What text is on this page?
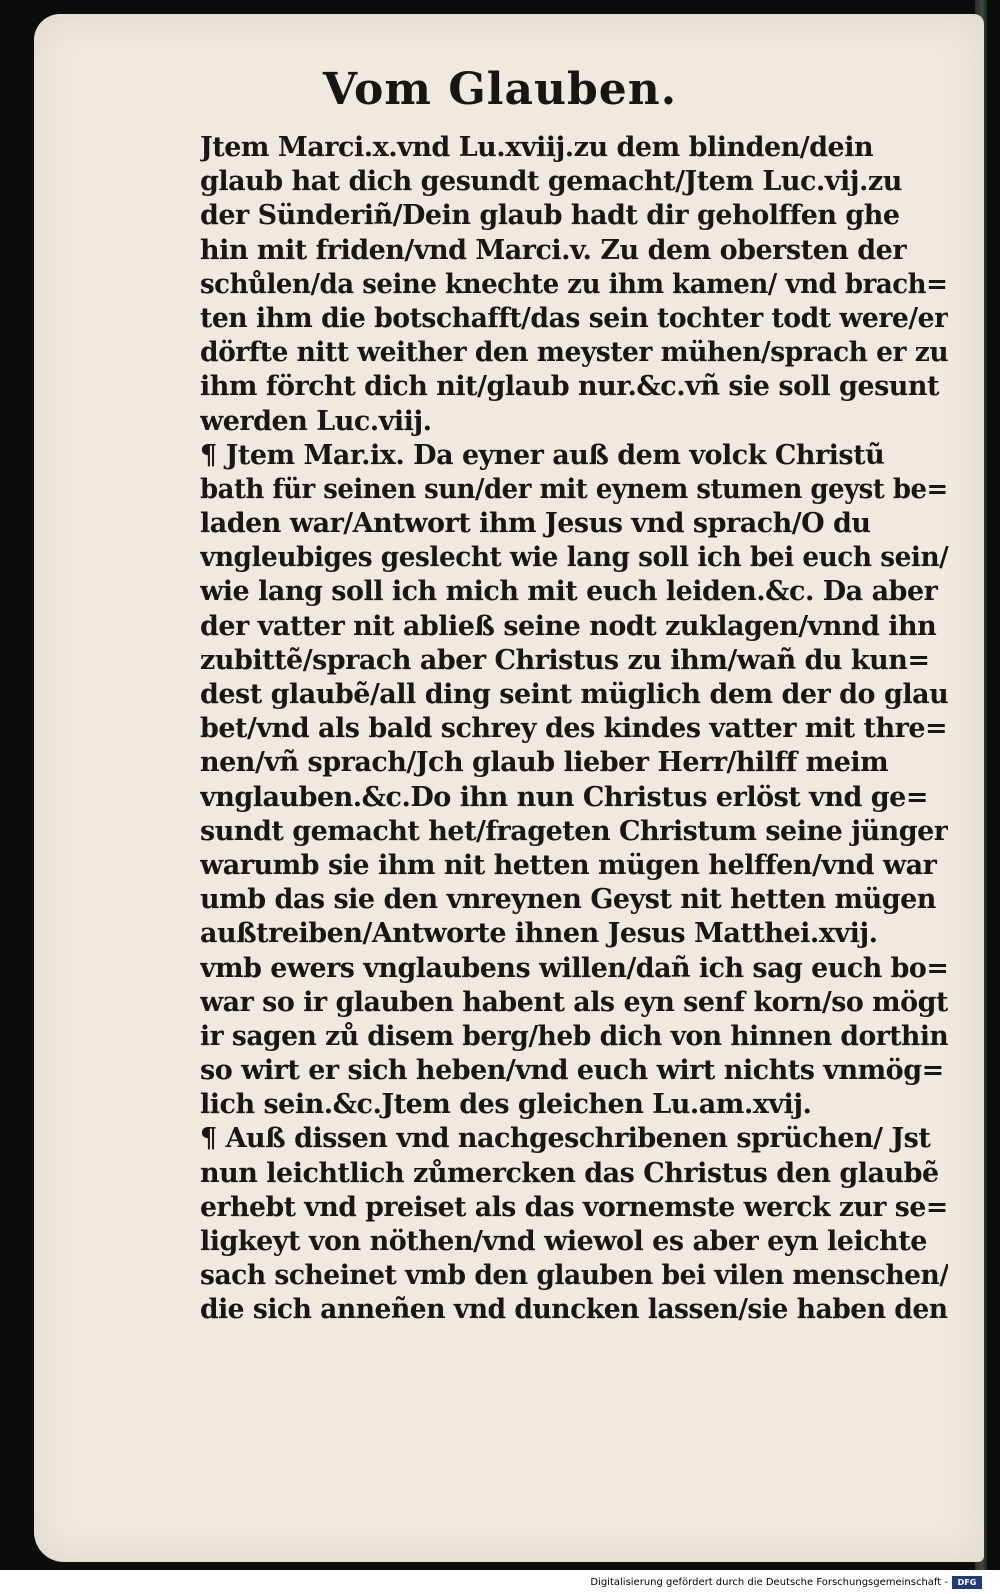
Vom Glauben.
Jtem Marci.x.vnd Lu.xviij.zu dem blinden/dein
glaub hat dich gesundt gemacht/Jtem Luc.vij.zu
der Sünderiñ/Dein glaub hadt dir geholffen ghe
hin mit friden/vnd Marci.v. Zu dem obersten der
schůlen/da seine knechte zu ihm kamen/ vnd brach=
ten ihm die botschafft/das sein tochter todt were/er
dörfte nitt weither den meyster mühen/sprach er zu
ihm förcht dich nit/glaub nur.&c.vñ sie soll gesunt
werden Luc.viij.
¶ Jtem Mar.ix. Da eyner auß dem volck Christũ
bath für seinen sun/der mit eynem stumen geyst be=
laden war/Antwort ihm Jesus vnd sprach/O du
vngleubiges geslecht wie lang soll ich bei euch sein/
wie lang soll ich mich mit euch leiden.&c. Da aber
der vatter nit abließ seine nodt zuklagen/vnnd ihn
zubittẽ/sprach aber Christus zu ihm/wañ du kun=
dest glaubẽ/all ding seint müglich dem der do glau
bet/vnd als bald schrey des kindes vatter mit thre=
nen/vñ sprach/Jch glaub lieber Herr/hilff meim
vnglauben.&c.Do ihn nun Christus erlöst vnd ge=
sundt gemacht het/frageten Christum seine jünger
warumb sie ihm nit hetten mügen helffen/vnd war
umb das sie den vnreynen Geyst nit hetten mügen
außtreiben/Antworte ihnen Jesus Matthei.xvij.
vmb ewers vnglaubens willen/dañ ich sag euch bo=
war so ir glauben habent als eyn senf korn/so mögt
ir sagen zů disem berg/heb dich von hinnen dorthin
so wirt er sich heben/vnd euch wirt nichts vnmög=
lich sein.&c.Jtem des gleichen Lu.am.xvij.
¶ Auß dissen vnd nachgeschribenen sprüchen/ Jst
nun leichtlich zůmercken das Christus den glaubẽ
erhebt vnd preiset als das vornemste werck zur se=
ligkeyt von nöthen/vnd wiewol es aber eyn leichte
sach scheinet vmb den glauben bei vilen menschen/
die sich anneñen vnd duncken lassen/sie haben den
Digitalisierung gefördert durch die Deutsche Forschungsgemeinschaft -	DFG
